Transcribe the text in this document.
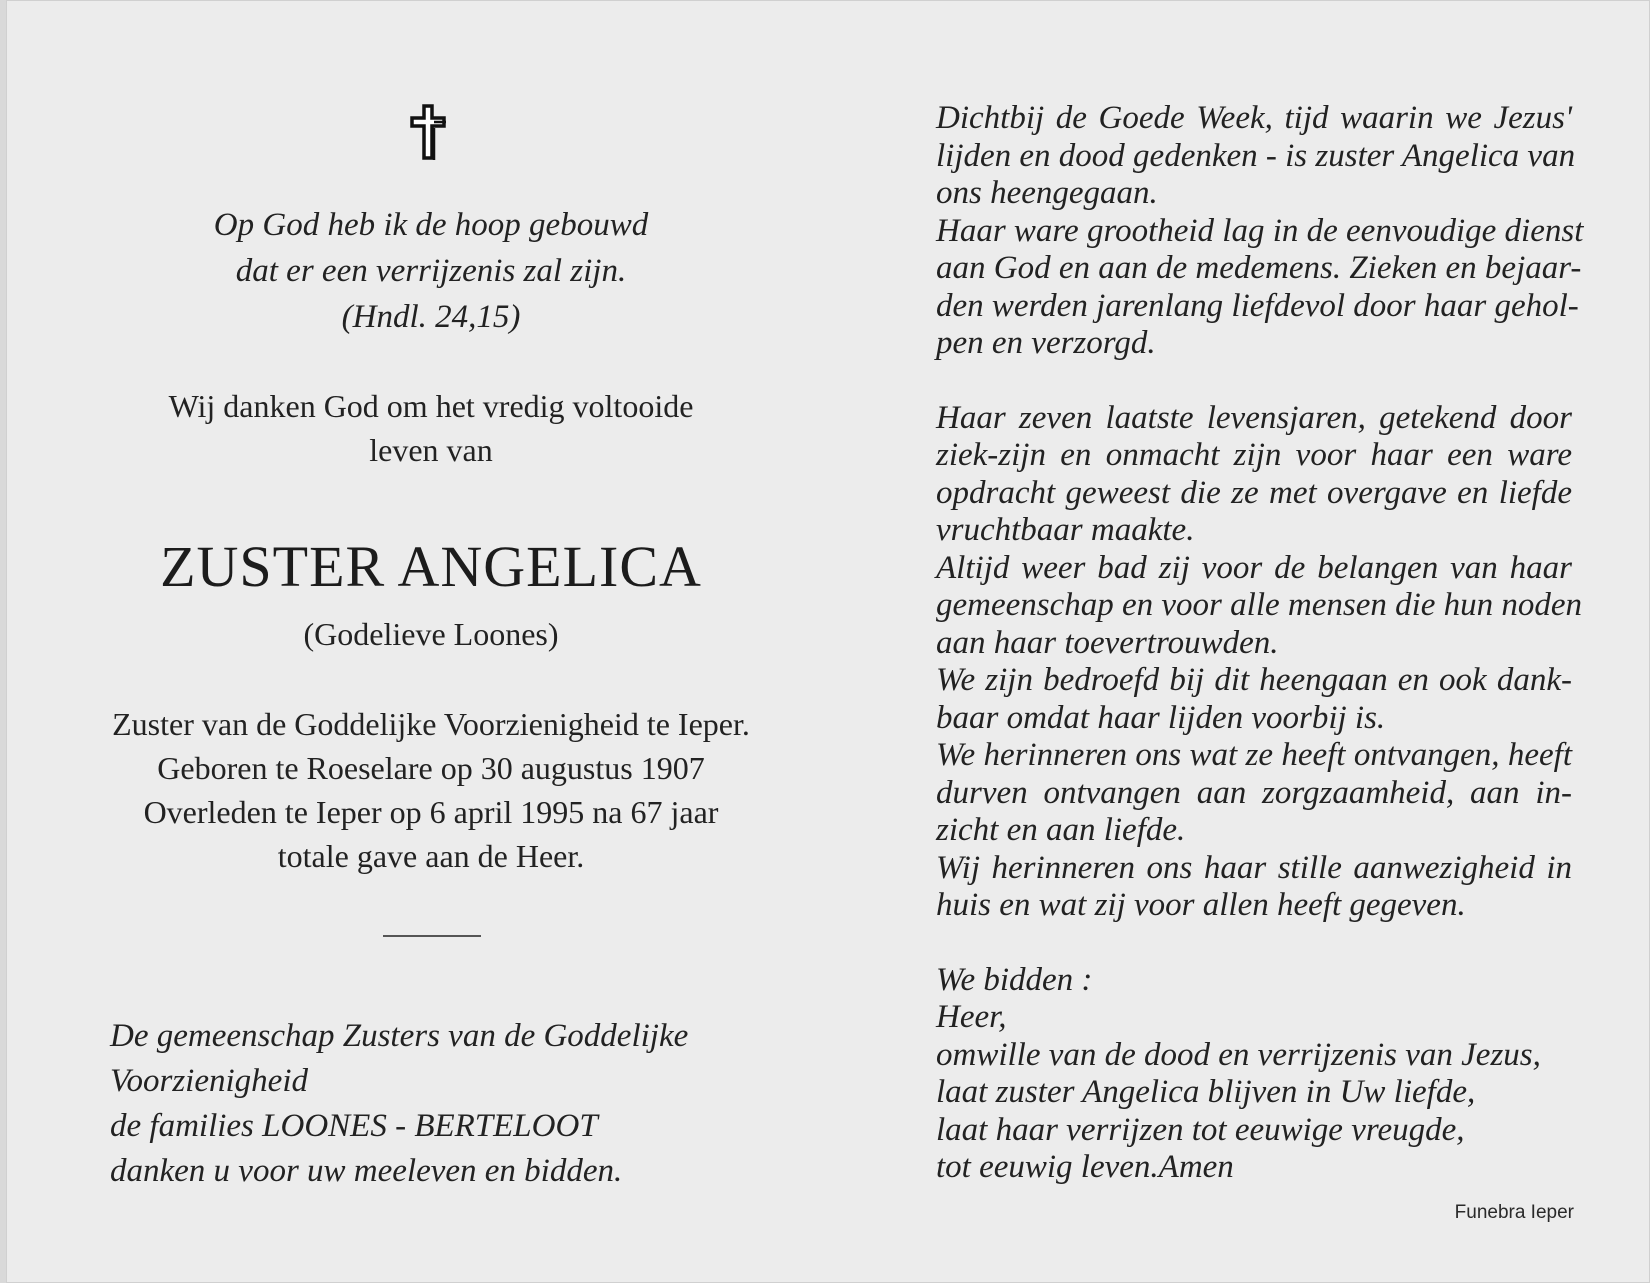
Op God heb ik de hoop gebouwd
dat er een verrijzenis zal zijn.
(Hndl. 24,15)
Wij danken God om het vredig voltooide
leven van
ZUSTER ANGELICA
(Godelieve Loones)
Zuster van de Goddelijke Voorzienigheid te Ieper.
Geboren te Roeselare op 30 augustus 1907
Overleden te Ieper op 6 april 1995 na 67 jaar
totale gave aan de Heer.
De gemeenschap Zusters van de Goddelijke
Voorzienigheid
de families LOONES - BERTELOOT
danken u voor uw meeleven en bidden.
Dichtbij de Goede Week, tijd waarin we Jezus'
lijden en dood gedenken - is zuster Angelica van
ons heengegaan.
Haar ware grootheid lag in de eenvoudige dienst
aan God en aan de medemens. Zieken en bejaar-
den werden jarenlang liefdevol door haar gehol-
pen en verzorgd.
Haar zeven laatste levensjaren, getekend door
ziek-zijn en onmacht zijn voor haar een ware
opdracht geweest die ze met overgave en liefde
vruchtbaar maakte.
Altijd weer bad zij voor de belangen van haar
gemeenschap en voor alle mensen die hun noden
aan haar toevertrouwden.
We zijn bedroefd bij dit heengaan en ook dank-
baar omdat haar lijden voorbij is.
We herinneren ons wat ze heeft ontvangen, heeft
durven ontvangen aan zorgzaamheid, aan in-
zicht en aan liefde.
Wij herinneren ons haar stille aanwezigheid in
huis en wat zij voor allen heeft gegeven.
We bidden :
Heer,
omwille van de dood en verrijzenis van Jezus,
laat zuster Angelica blijven in Uw liefde,
laat haar verrijzen tot eeuwige vreugde,
tot eeuwig leven.Amen
Funebra Ieper
